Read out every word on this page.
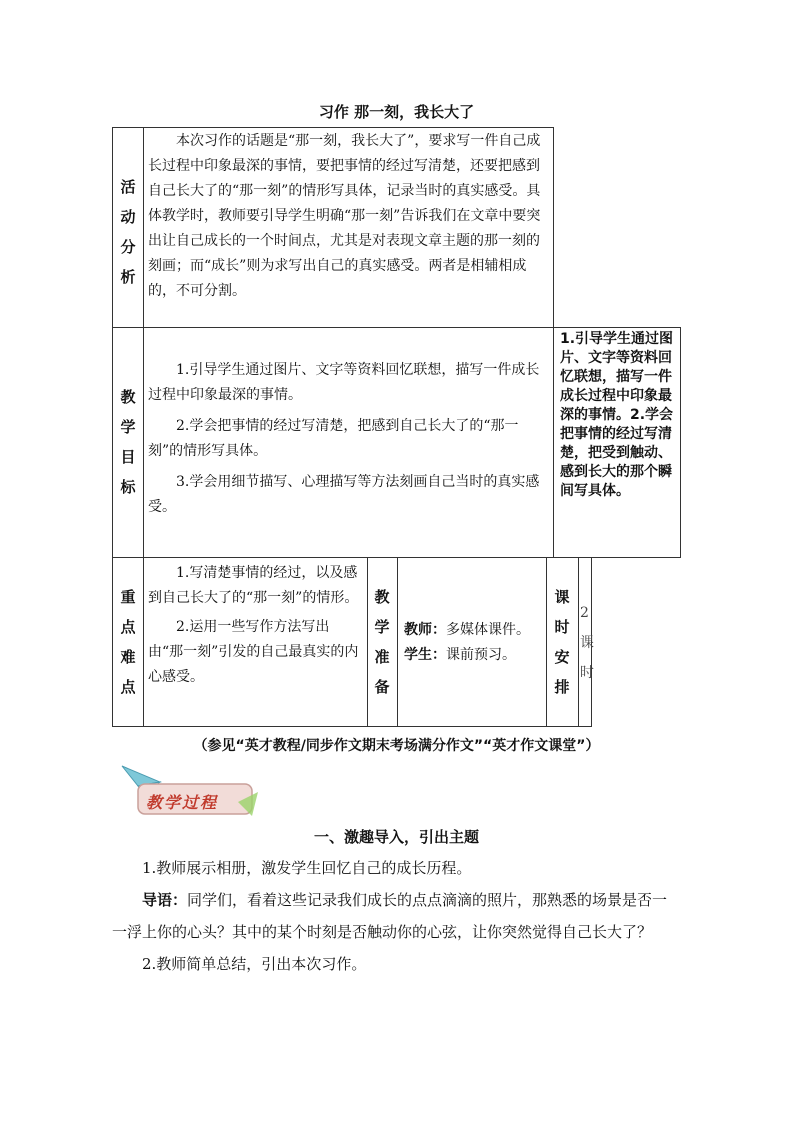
习作 那一刻，我长大了
活
动
分
析

本次习作的话题是“那一刻，我长大了”，要求写一件自己成长过程中印象最深的事情，要把事情的经过写清楚，还要把感到自己长大了的“那一刻”的情形写具体，记录当时的真实感受。具体教学时，教师要引导学生明确“那一刻”告诉我们在文章中要突出让自己成长的一个时间点，尤其是对表现文章主题的那一刻的刻画；而“成长”则为求写出自己的真实感受。两者是相辅相成的，不可分割。

教
学
目
标

1.引导学生通过图片、文字等资料回忆联想，描写一件成长过程中印象最深的事情。

2.学会把事情的经过写清楚，把感到自己长大了的“那一刻”的情形写具体。

3.学会用细节描写、心理描写等方法刻画自己当时的真实感受。

1.引导学生通过图片、文字等资料回忆联想，描写一件成长过程中印象最深的事情。2.学会把事情的经过写清楚，把受到触动、感到长大的那个瞬间写具体。
重
点
难
点

1.写清楚事情的经过，以及感到自己长大了的“那一刻”的情形。

2.运用一些写作方法写出由“那一刻”引发的自己最真实的内心感受。

教
学
准
备
教师：多媒体课件。
学生：课前预习。
课
时
安
排
2
课
时
（参见“英才教程/同步作文期末考场满分作文”“英才作文课堂”）
教学过程
一、激趣导入，引出主题

1.教师展示相册，激发学生回忆自己的成长历程。

导语：同学们，看着这些记录我们成长的点点滴滴的照片，那熟悉的场景是否一一浮上你的心头？其中的某个时刻是否触动你的心弦，让你突然觉得自己长大了？

2.教师简单总结，引出本次习作。
